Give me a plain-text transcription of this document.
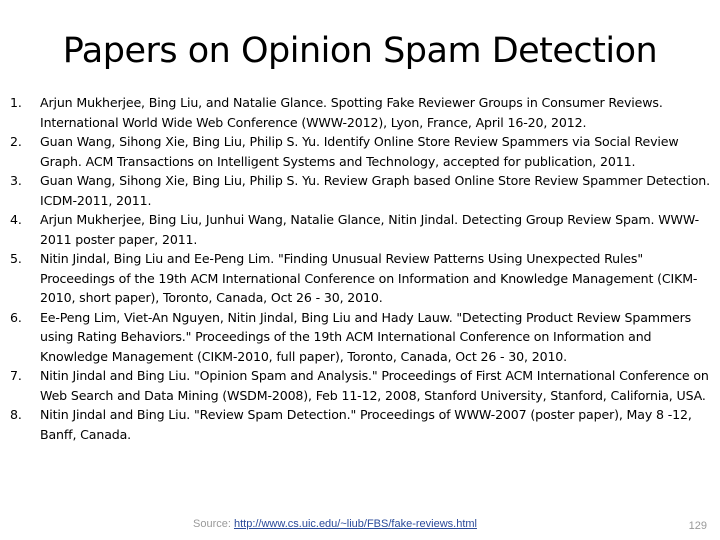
Papers on Opinion Spam Detection
1.	Arjun Mukherjee, Bing Liu, and Natalie Glance. Spotting Fake Reviewer Groups in Consumer Reviews. International World Wide Web Conference (WWW-2012), Lyon, France, April 16-20, 2012.
2.	Guan Wang, Sihong Xie, Bing Liu, Philip S. Yu. Identify Online Store Review Spammers via Social Review Graph. ACM Transactions on Intelligent Systems and Technology, accepted for publication, 2011.
3.	Guan Wang, Sihong Xie, Bing Liu, Philip S. Yu. Review Graph based Online Store Review Spammer Detection. ICDM-2011, 2011.
4.	Arjun Mukherjee, Bing Liu, Junhui Wang, Natalie Glance, Nitin Jindal. Detecting Group Review Spam. WWW-2011 poster paper, 2011.
5.	Nitin Jindal, Bing Liu and Ee-Peng Lim. "Finding Unusual Review Patterns Using Unexpected Rules" Proceedings of the 19th ACM International Conference on Information and Knowledge Management (CIKM-2010, short paper), Toronto, Canada, Oct 26 - 30, 2010.
6.	Ee-Peng Lim, Viet-An Nguyen, Nitin Jindal, Bing Liu and Hady Lauw. "Detecting Product Review Spammers using Rating Behaviors." Proceedings of the 19th ACM International Conference on Information and Knowledge Management (CIKM-2010, full paper), Toronto, Canada, Oct 26 - 30, 2010.
7.	Nitin Jindal and Bing Liu. "Opinion Spam and Analysis." Proceedings of First ACM International Conference on Web Search and Data Mining (WSDM-2008), Feb 11-12, 2008, Stanford University, Stanford, California, USA.
8.	Nitin Jindal and Bing Liu. "Review Spam Detection." Proceedings of WWW-2007 (poster paper), May 8 -12, Banff, Canada.
Source: http://www.cs.uic.edu/~liub/FBS/fake-reviews.html	129
